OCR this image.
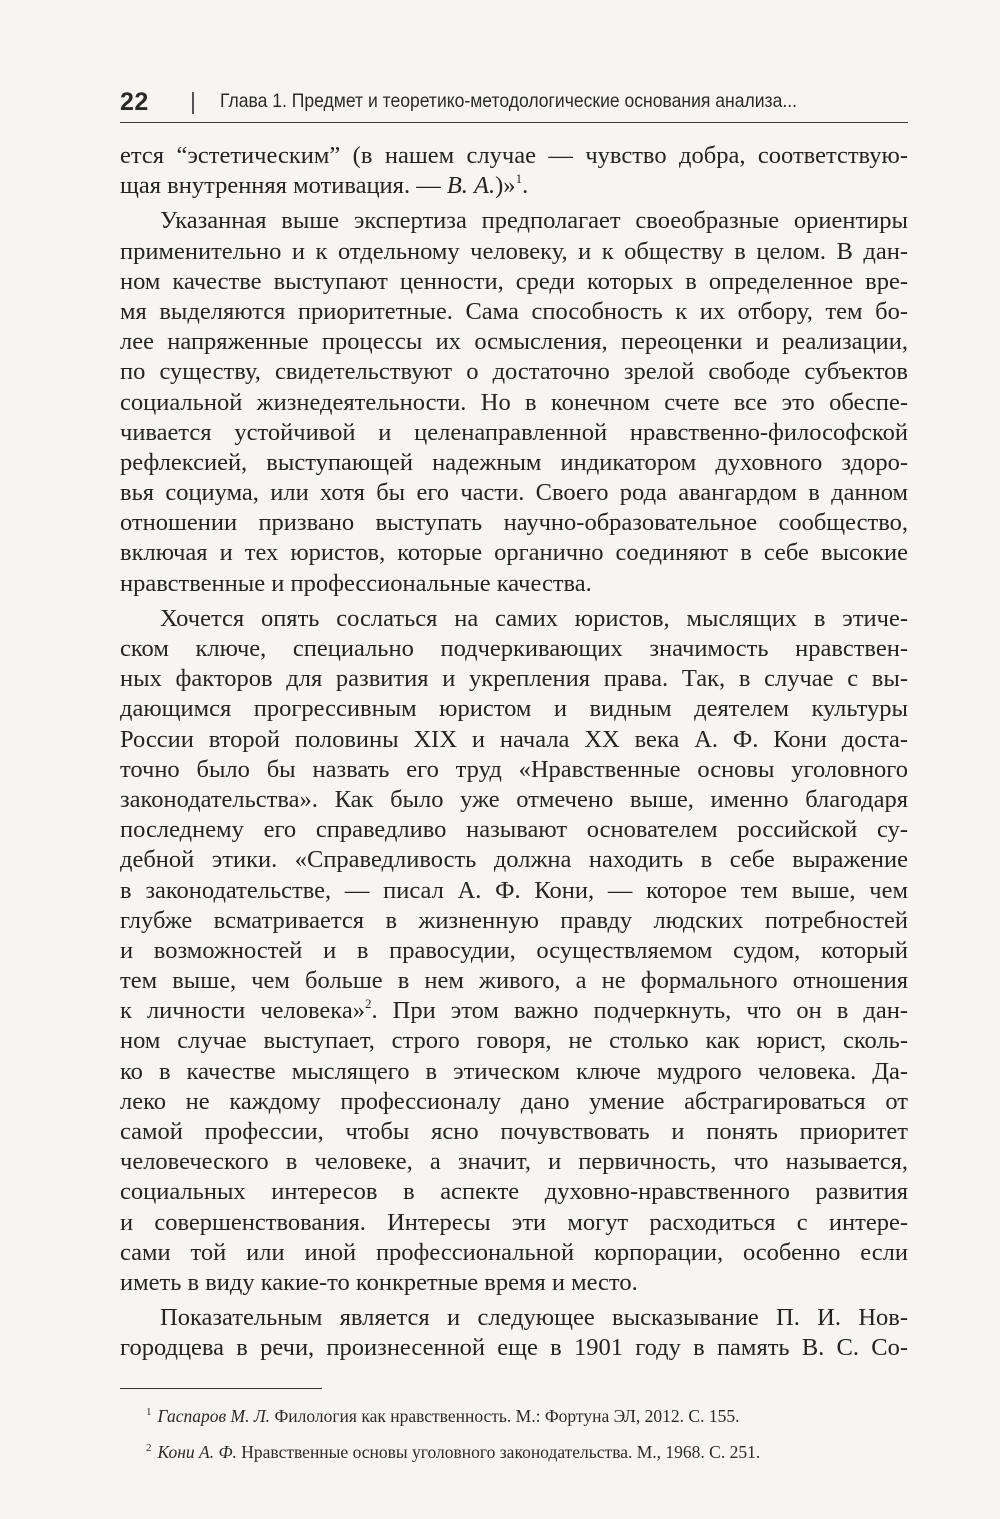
22	Глава 1. Предмет и теоретико-методологические основания анализа...
ется “эстетическим” (в нашем случае — чувство добра, соответствую-
щая внутренняя мотивация. — В. А.)»$^1$.
Указанная выше экспертиза предполагает своеобразные ориентиры
применительно и к отдельному человеку, и к обществу в целом. В дан-
ном качестве выступают ценности, среди которых в определенное вре-
мя выделяются приоритетные. Сама способность к их отбору, тем бо-
лее напряженные процессы их осмысления, переоценки и реализации,
по существу, свидетельствуют о достаточно зрелой свободе субъектов
социальной жизнедеятельности. Но в конечном счете все это обеспе-
чивается устойчивой и целенаправленной нравственно-философской
рефлексией, выступающей надежным индикатором духовного здоро-
вья социума, или хотя бы его части. Своего рода авангардом в данном
отношении призвано выступать научно-образовательное сообщество,
включая и тех юристов, которые органично соединяют в себе высокие
нравственные и профессиональные качества.
Хочется опять сослаться на самих юристов, мыслящих в этиче-
ском ключе, специально подчеркивающих значимость нравствен-
ных факторов для развития и укрепления права. Так, в случае с вы-
дающимся прогрессивным юристом и видным деятелем культуры
России второй половины XIX и начала XX века А. Ф. Кони доста-
точно было бы назвать его труд «Нравственные основы уголовного
законодательства». Как было уже отмечено выше, именно благодаря
последнему его справедливо называют основателем российской су-
дебной этики. «Справедливость должна находить в себе выражение
в законодательстве, — писал А. Ф. Кони, — которое тем выше, чем
глубже всматривается в жизненную правду людских потребностей
и возможностей и в правосудии, осуществляемом судом, который
тем выше, чем больше в нем живого, а не формального отношения
к личности человека»$^2$. При этом важно подчеркнуть, что он в дан-
ном случае выступает, строго говоря, не столько как юрист, сколь-
ко в качестве мыслящего в этическом ключе мудрого человека. Да-
леко не каждому профессионалу дано умение абстрагироваться от
самой профессии, чтобы ясно почувствовать и понять приоритет
человеческого в человеке, а значит, и первичность, что называется,
социальных интересов в аспекте духовно-нравственного развития
и совершенствования. Интересы эти могут расходиться с интере-
сами той или иной профессиональной корпорации, особенно если
иметь в виду какие-то конкретные время и место.
Показательным является и следующее высказывание П. И. Нов-
городцева в речи, произнесенной еще в 1901 году в память В. С. Со-
$^1$ Гаспаров М. Л. Филология как нравственность. М.: Фортуна ЭЛ, 2012. С. 155.
$^2$ Кони А. Ф. Нравственные основы уголовного законодательства. М., 1968. С. 251.
